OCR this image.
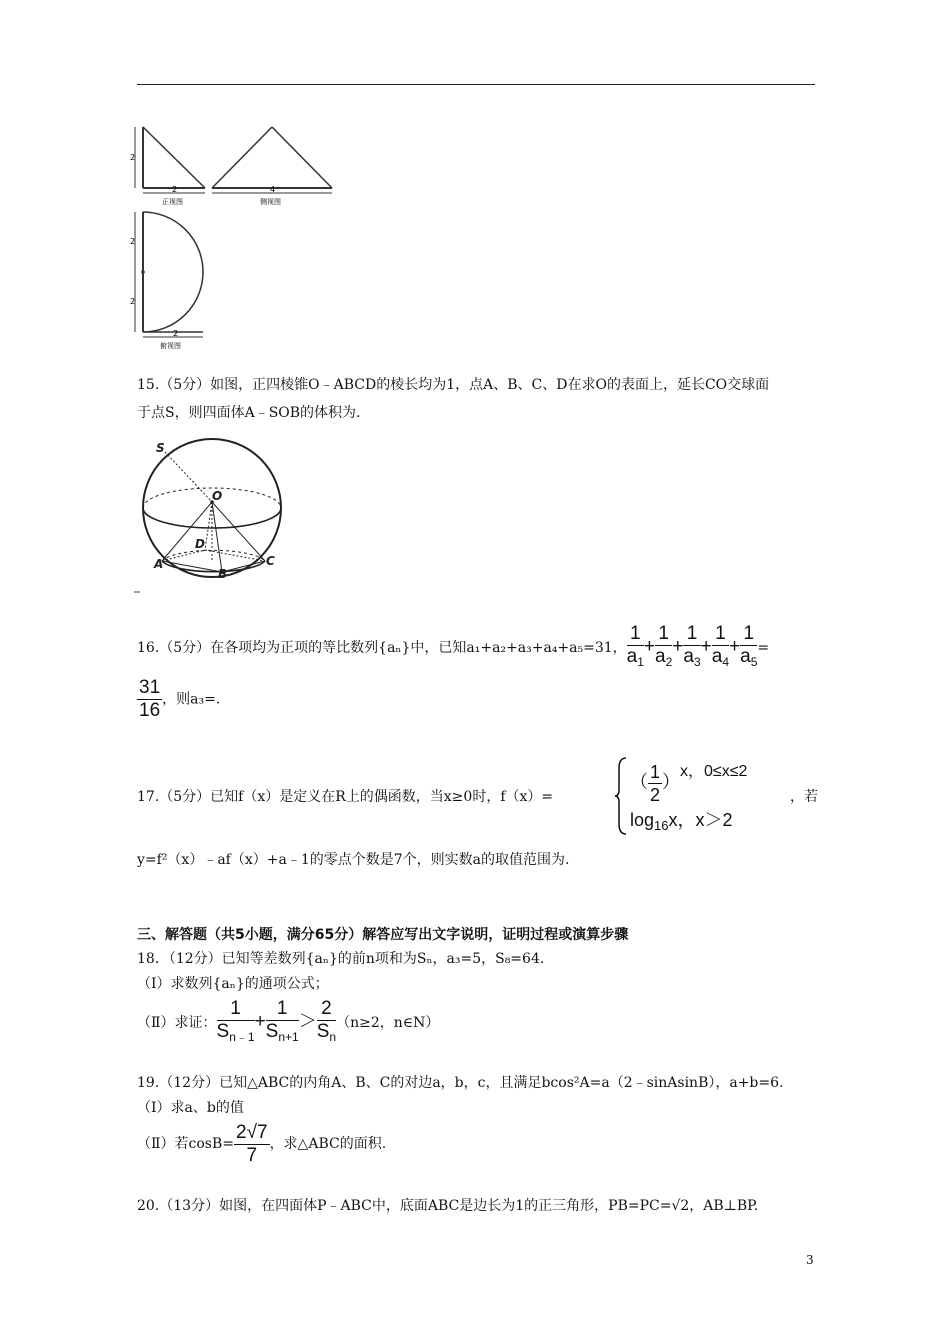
2
2	4
2
2
2
正视图	侧视图
俯视图
15.（5分）如图，正四棱锥O﹣ABCD的棱长均为1，点A、B、C、D在求O的表面上，延长CO交球面
于点S，则四面体A﹣SOB的体积为.
S
O
D
A
B
C
16.（5分）在各项均为正项的等比数列{aₙ}中，已知a₁+a₂+a₃+a₄+a₅=31， $\frac{1}{a_1} + \frac{1}{a_2} + \frac{1}{a_3} + \frac{1}{a_4} + \frac{1}{a_5}$ =
$\frac{31}{16}$ ，则a₃=.
17.（5分）已知f（x）是定义在R上的偶函数，当x≥0时，f（x）=
（ $\frac{1}{2} )x$，0≤x≤2
$\log_{16}x$，x＞2
，若
y=f²（x）﹣af（x）+a﹣1的零点个数是7个，则实数a的取值范围为.
三、解答题（共5小题，满分65分）解答应写出文字说明，证明过程或演算步骤
18．（12分）已知等差数列{aₙ}的前n项和为Sₙ，a₃=5，S₈=64.
（Ⅰ）求数列{aₙ}的通项公式；
（Ⅱ）求证： $\frac{1}{S_{n﹣1}} + \frac{1}{S_{n+1}} > \frac{2}{S_n} (n\ge 2$，n∈N）
19.（12分）已知△ABC的内角A、B、C的对边a，b，c，且满足bcos²A=a（2﹣sinAsinB），a+b=6.
（Ⅰ）求a、b的值
（Ⅱ）若$\cos B= \frac{2√7}{7}$ ，求△ABC的面积.
20.（13分）如图，在四面体P﹣ABC中，底面ABC是边长为1的正三角形，PB=PC=√2，AB⊥BP.
3
